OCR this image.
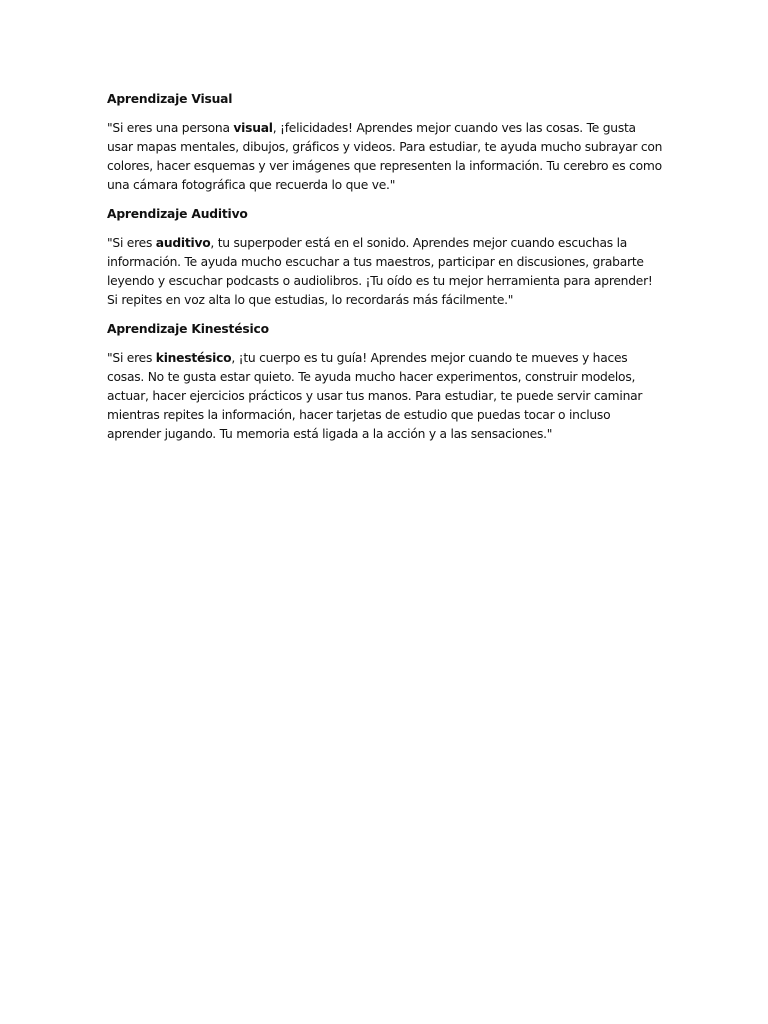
Aprendizaje Visual

"Si eres una persona visual, ¡felicidades! Aprendes mejor cuando ves las cosas. Te gusta usar mapas mentales, dibujos, gráficos y videos. Para estudiar, te ayuda mucho subrayar con colores, hacer esquemas y ver imágenes que representen la información. Tu cerebro es como una cámara fotográfica que recuerda lo que ve."

Aprendizaje Auditivo

"Si eres auditivo, tu superpoder está en el sonido. Aprendes mejor cuando escuchas la información. Te ayuda mucho escuchar a tus maestros, participar en discusiones, grabarte leyendo y escuchar podcasts o audiolibros. ¡Tu oído es tu mejor herramienta para aprender! Si repites en voz alta lo que estudias, lo recordarás más fácilmente."

Aprendizaje Kinestésico

"Si eres kinestésico, ¡tu cuerpo es tu guía! Aprendes mejor cuando te mueves y haces cosas. No te gusta estar quieto. Te ayuda mucho hacer experimentos, construir modelos, actuar, hacer ejercicios prácticos y usar tus manos. Para estudiar, te puede servir caminar mientras repites la información, hacer tarjetas de estudio que puedas tocar o incluso aprender jugando. Tu memoria está ligada a la acción y a las sensaciones."
